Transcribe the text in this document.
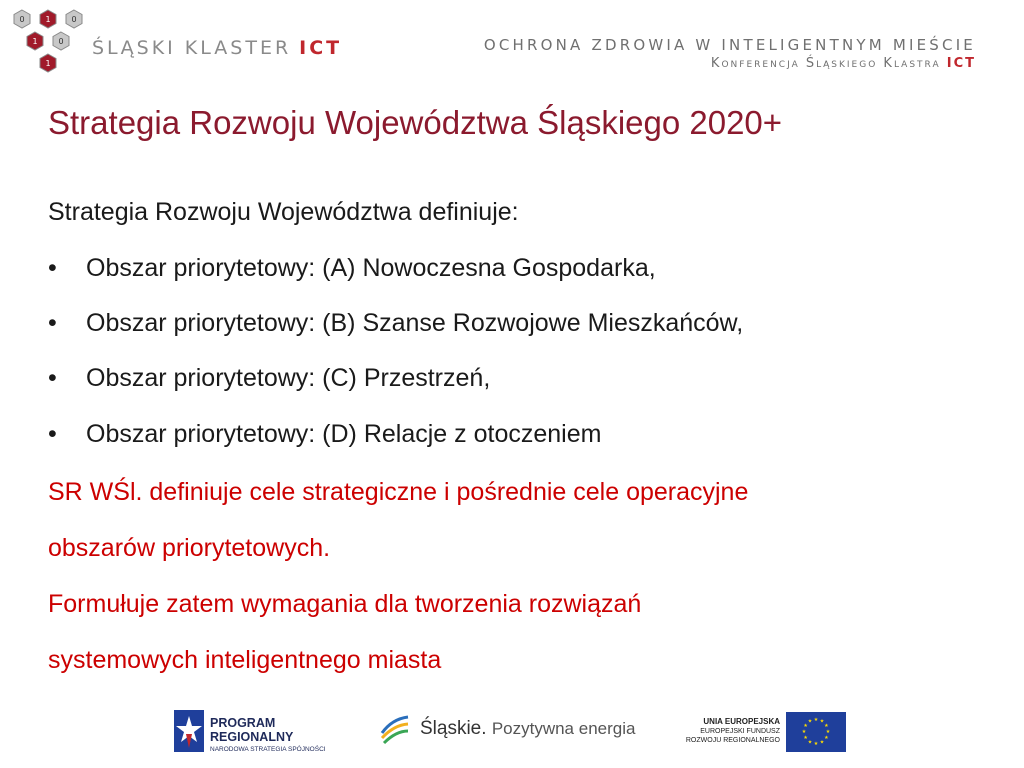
0	1	0
1	0
1
ŚLĄSKI KLASTER ICT	OCHRONA ZDROWIA W INTELIGENTNYM MIEŚCIE
Konferencja Śląskiego Klastra ICT
Strategia Rozwoju Województwa Śląskiego 2020+
Strategia Rozwoju Województwa definiuje:
• Obszar priorytetowy: (A) Nowoczesna Gospodarka,
• Obszar priorytetowy: (B) Szanse Rozwojowe Mieszkańców,
• Obszar priorytetowy: (C) Przestrzeń,
• Obszar priorytetowy: (D) Relacje z otoczeniem
SR WŚl. definiuje cele strategiczne i pośrednie cele operacyjne
obszarów priorytetowych.
Formułuje zatem wymagania dla tworzenia rozwiązań
systemowych inteligentnego miasta
PROGRAM
REGIONALNY
NARODOWA STRATEGIA SPÓJNOŚCI
Śląskie. Pozytywna energia	UNIA EUROPEJSKA
EUROPEJSKI FUNDUSZ
ROZWOJU REGIONALNEGO
★ ★
★
★
★
★
★
★
★
★
★
★
